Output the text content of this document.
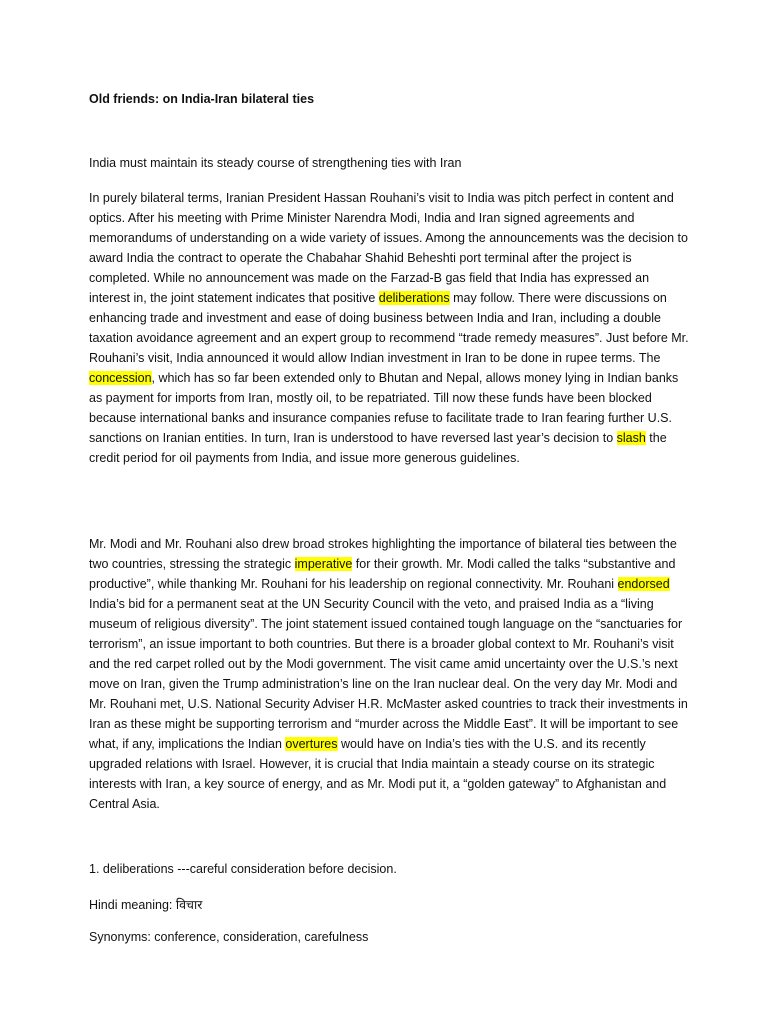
Old friends: on India-Iran bilateral ties

India must maintain its steady course of strengthening ties with Iran

In purely bilateral terms, Iranian President Hassan Rouhani’s visit to India was pitch perfect in content and optics. After his meeting with Prime Minister Narendra Modi, India and Iran signed agreements and memorandums of understanding on a wide variety of issues. Among the announcements was the decision to award India the contract to operate the Chabahar Shahid Beheshti port terminal after the project is completed. While no announcement was made on the Farzad-B gas field that India has expressed an interest in, the joint statement indicates that positive deliberations may follow. There were discussions on enhancing trade and investment and ease of doing business between India and Iran, including a double taxation avoidance agreement and an expert group to recommend “trade remedy measures”. Just before Mr. Rouhani’s visit, India announced it would allow Indian investment in Iran to be done in rupee terms. The concession, which has so far been extended only to Bhutan and Nepal, allows money lying in Indian banks as payment for imports from Iran, mostly oil, to be repatriated. Till now these funds have been blocked because international banks and insurance companies refuse to facilitate trade to Iran fearing further U.S. sanctions on Iranian entities. In turn, Iran is understood to have reversed last year’s decision to slash the credit period for oil payments from India, and issue more generous guidelines.

Mr. Modi and Mr. Rouhani also drew broad strokes highlighting the importance of bilateral ties between the two countries, stressing the strategic imperative for their growth. Mr. Modi called the talks “substantive and productive”, while thanking Mr. Rouhani for his leadership on regional connectivity. Mr. Rouhani endorsed India’s bid for a permanent seat at the UN Security Council with the veto, and praised India as a “living museum of religious diversity”. The joint statement issued contained tough language on the “sanctuaries for terrorism”, an issue important to both countries. But there is a broader global context to Mr. Rouhani’s visit and the red carpet rolled out by the Modi government. The visit came amid uncertainty over the U.S.’s next move on Iran, given the Trump administration’s line on the Iran nuclear deal. On the very day Mr. Modi and Mr. Rouhani met, U.S. National Security Adviser H.R. McMaster asked countries to track their investments in Iran as these might be supporting terrorism and “murder across the Middle East”. It will be important to see what, if any, implications the Indian overtures would have on India’s ties with the U.S. and its recently upgraded relations with Israel. However, it is crucial that India maintain a steady course on its strategic interests with Iran, a key source of energy, and as Mr. Modi put it, a “golden gateway” to Afghanistan and Central Asia.

1. deliberations ---careful consideration before decision.

Hindi meaning: विचार

Synonyms: conference, consideration, carefulness
